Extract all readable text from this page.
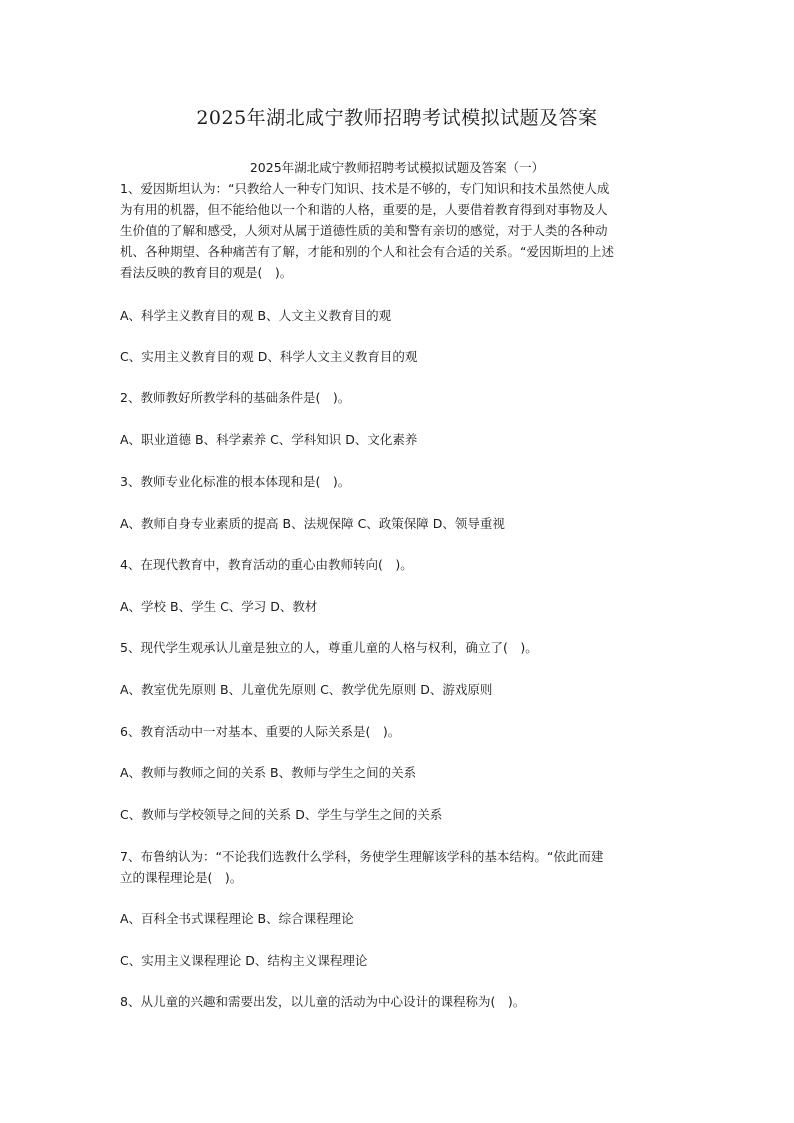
2025年湖北咸宁教师招聘考试模拟试题及答案
2025年湖北咸宁教师招聘考试模拟试题及答案（一）

1、爱因斯坦认为：“只教给人一种专门知识、技术是不够的，专门知识和技术虽然使人成

为有用的机器，但不能给他以一个和谐的人格，重要的是，人要借着教育得到对事物及人

生价值的了解和感受，人须对从属于道德性质的美和警有亲切的感觉，对于人类的各种动

机、各种期望、各种痛苦有了解，才能和别的个人和社会有合适的关系。“爱因斯坦的上述

看法反映的教育目的观是(　)。

A、科学主义教育目的观 B、人文主义教育目的观
C、实用主义教育目的观 D、科学人文主义教育目的观
2、教师教好所教学科的基础条件是(　)。
A、职业道德 B、科学素养 C、学科知识 D、文化素养
3、教师专业化标准的根本体现和是(　)。
A、教师自身专业素质的提高 B、法规保障 C、政策保障 D、领导重视
4、在现代教育中，教育活动的重心由教师转向(　)。
A、学校 B、学生 C、学习 D、教材
5、现代学生观承认儿童是独立的人，尊重儿童的人格与权利，确立了(　)。
A、教室优先原则 B、儿童优先原则 C、教学优先原则 D、游戏原则
6、教育活动中一对基本、重要的人际关系是(　)。
A、教师与教师之间的关系 B、教师与学生之间的关系
C、教师与学校领导之间的关系 D、学生与学生之间的关系
7、布鲁纳认为：“不论我们选教什么学科，务使学生理解该学科的基本结构。“依此而建
立的课程理论是(　)。
A、百科全书式课程理论 B、综合课程理论
C、实用主义课程理论 D、结构主义课程理论
8、从儿童的兴趣和需要出发，以儿童的活动为中心设计的课程称为(　)。
